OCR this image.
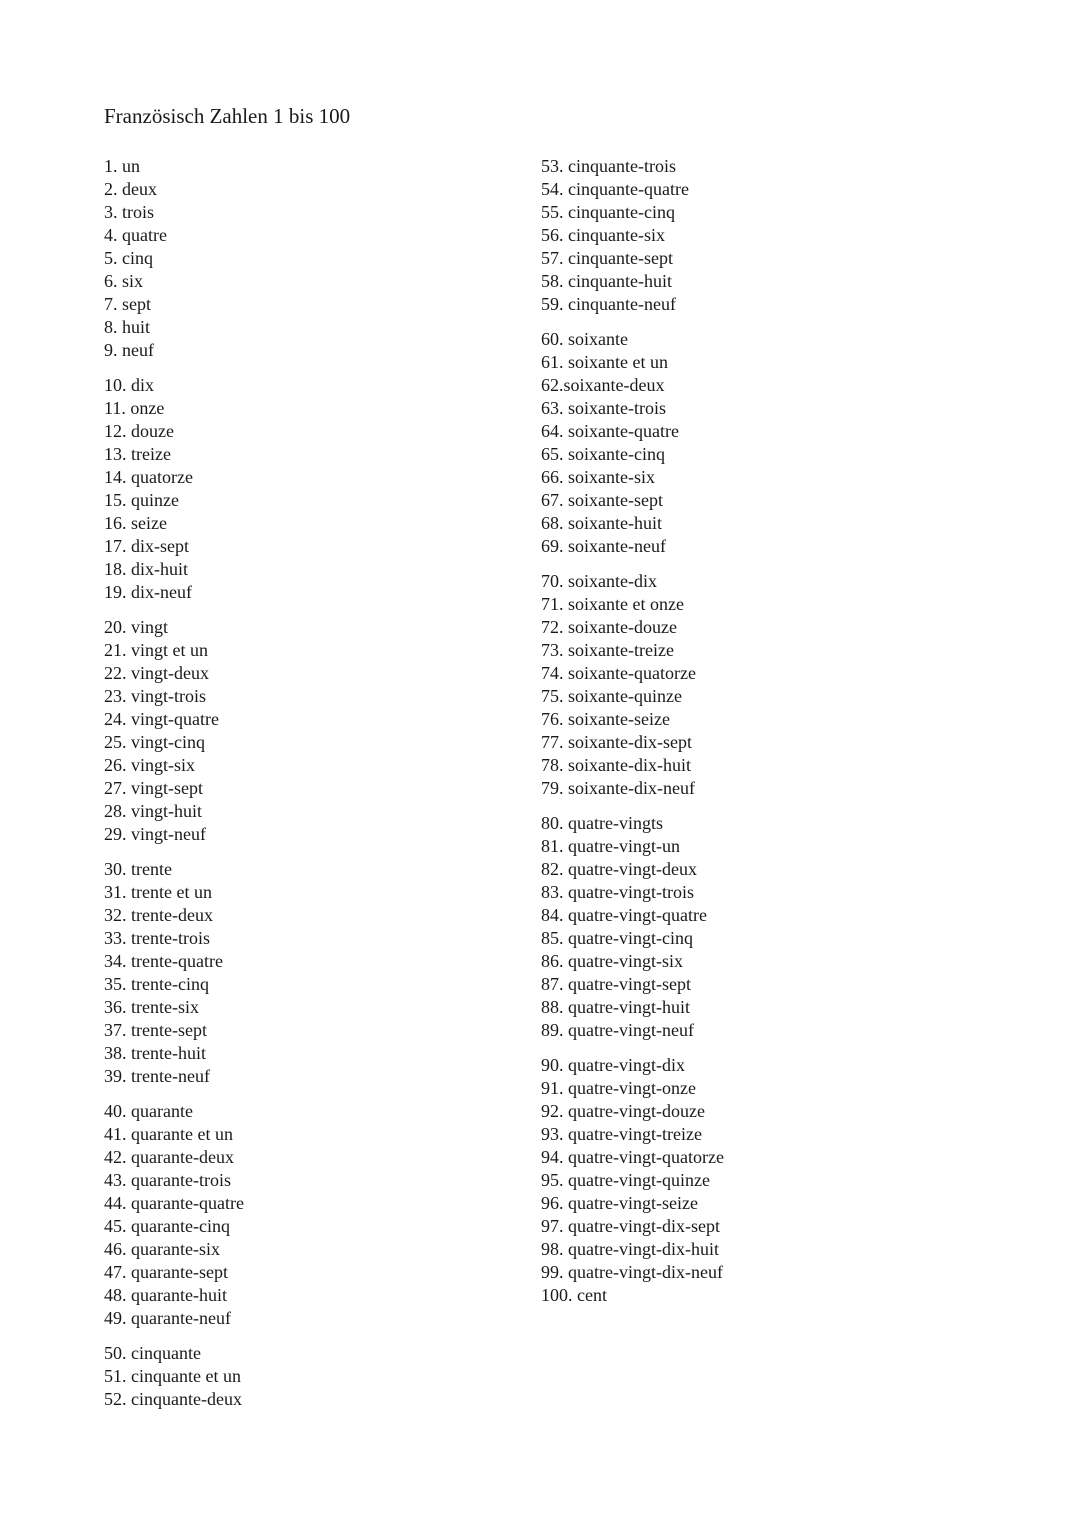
Französisch Zahlen 1 bis 100
1. un
2. deux
3. trois
4. quatre
5. cinq
6. six
7. sept
8. huit
9. neuf
10. dix
11. onze
12. douze
13. treize
14. quatorze
15. quinze
16. seize
17. dix-sept
18. dix-huit
19. dix-neuf
20. vingt
21. vingt et un
22. vingt-deux
23. vingt-trois
24. vingt-quatre
25. vingt-cinq
26. vingt-six
27. vingt-sept
28. vingt-huit
29. vingt-neuf
30. trente
31. trente et un
32. trente-deux
33. trente-trois
34. trente-quatre
35. trente-cinq
36. trente-six
37. trente-sept
38. trente-huit
39. trente-neuf
40. quarante
41. quarante et un
42. quarante-deux
43. quarante-trois
44. quarante-quatre
45. quarante-cinq
46. quarante-six
47. quarante-sept
48. quarante-huit
49. quarante-neuf
50. cinquante
51. cinquante et un
52. cinquante-deux
53. cinquante-trois
54. cinquante-quatre
55. cinquante-cinq
56. cinquante-six
57. cinquante-sept
58. cinquante-huit
59. cinquante-neuf
60. soixante
61. soixante et un
62.soixante-deux
63. soixante-trois
64. soixante-quatre
65. soixante-cinq
66. soixante-six
67. soixante-sept
68. soixante-huit
69. soixante-neuf
70. soixante-dix
71. soixante et onze
72. soixante-douze
73. soixante-treize
74. soixante-quatorze
75. soixante-quinze
76. soixante-seize
77. soixante-dix-sept
78. soixante-dix-huit
79. soixante-dix-neuf
80. quatre-vingts
81. quatre-vingt-un
82. quatre-vingt-deux
83. quatre-vingt-trois
84. quatre-vingt-quatre
85. quatre-vingt-cinq
86. quatre-vingt-six
87. quatre-vingt-sept
88. quatre-vingt-huit
89. quatre-vingt-neuf
90. quatre-vingt-dix
91. quatre-vingt-onze
92. quatre-vingt-douze
93. quatre-vingt-treize
94. quatre-vingt-quatorze
95. quatre-vingt-quinze
96. quatre-vingt-seize
97. quatre-vingt-dix-sept
98. quatre-vingt-dix-huit
99. quatre-vingt-dix-neuf
100. cent
